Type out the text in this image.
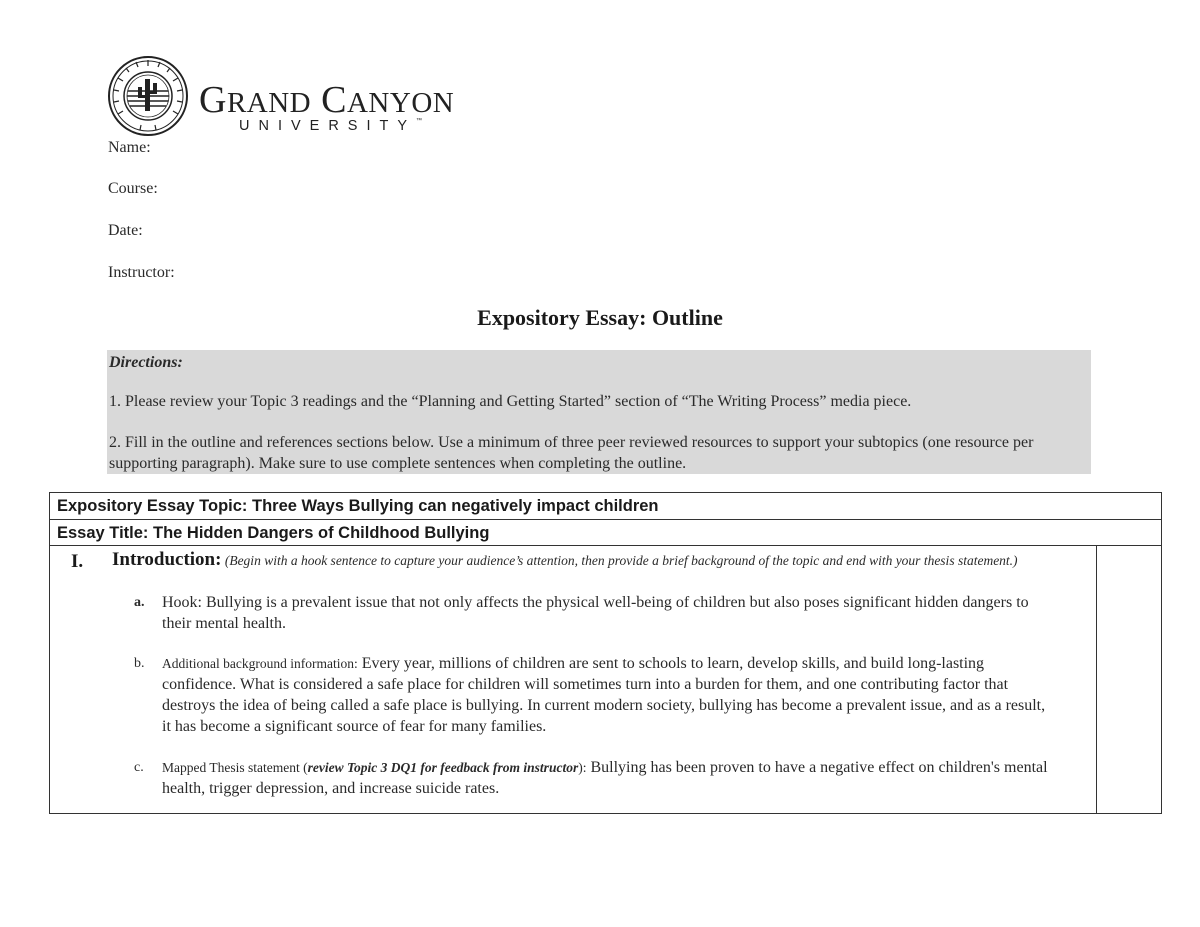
GRAND CANYON
UNIVERSITY™
Name:
Course:
Date:
Instructor:
Expository Essay: Outline
Directions:
1. Please review your Topic 3 readings and the “Planning and Getting Started” section of “The Writing Process” media piece.
2. Fill in the outline and references sections below. Use a minimum of three peer reviewed resources to support your subtopics (one resource per supporting paragraph). Make sure to use complete sentences when completing the outline.
Expository Essay Topic: Three Ways Bullying can negatively impact children
Essay Title: The Hidden Dangers of Childhood Bullying
I. Introduction: (Begin with a hook sentence to capture your audience’s attention, then provide a brief background of the topic and end with your thesis statement.)
a. Hook: Bullying is a prevalent issue that not only affects the physical well-being of children but also poses significant hidden dangers to their mental health.
b. Additional background information: Every year, millions of children are sent to schools to learn, develop skills, and build long-lasting confidence. What is considered a safe place for children will sometimes turn into a burden for them, and one contributing factor that destroys the idea of being called a safe place is bullying. In current modern society, bullying has become a prevalent issue, and as a result, it has become a significant source of fear for many families.
c. Mapped Thesis statement (review Topic 3 DQ1 for feedback from instructor): Bullying has been proven to have a negative effect on children's mental health, trigger depression, and increase suicide rates.
